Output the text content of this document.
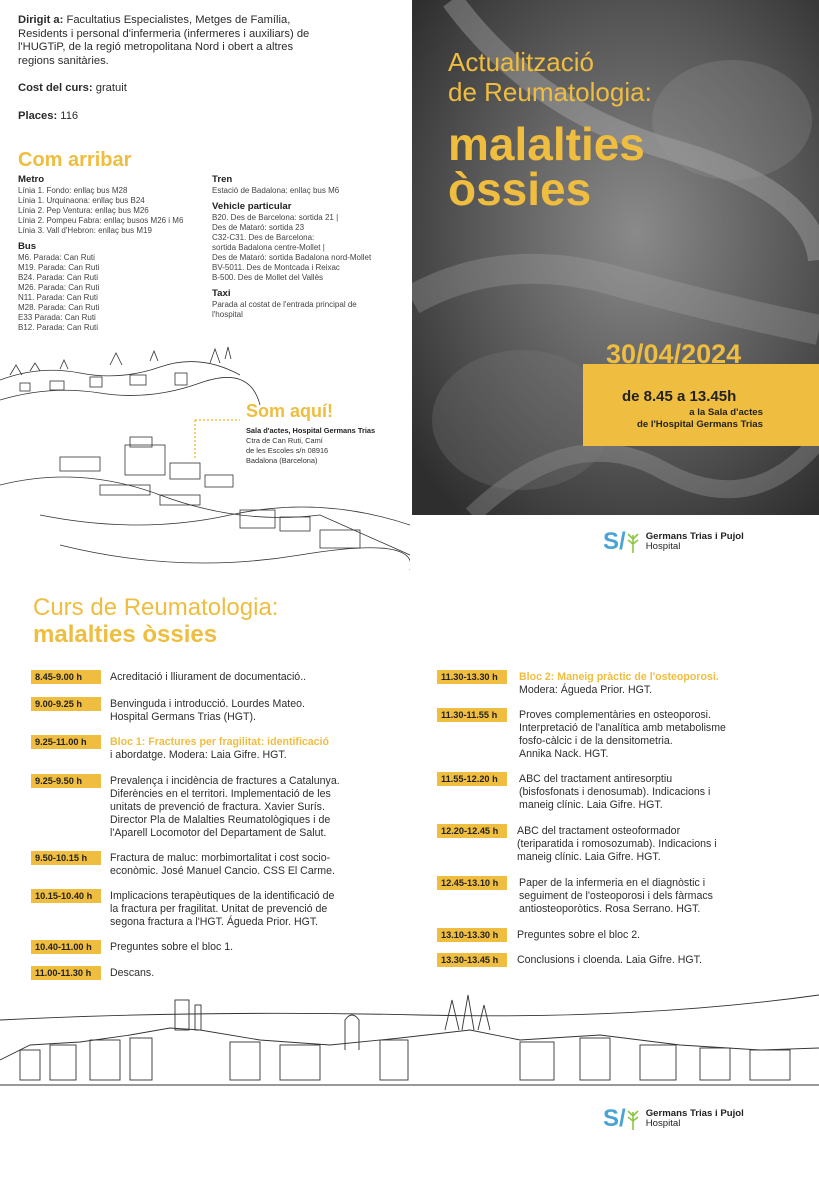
Dirigit a: Facultatius Especialistes, Metges de Família,
Residents i personal d'infermeria (infermeres i auxiliars) de
l'HUGTiP, de la regió metropolitana Nord i obert a altres
regions sanitàries.

Cost del curs: gratuit

Places: 116

Com arribar
Metro
Línia 1. Fondo: enllaç bus M28
Línia 1. Urquinaona: enllaç bus B24
Línia 2. Pep Ventura: enllaç bus M26
Línia 2. Pompeu Fabra: enllaç busos M26 i M6
Línia 3. Vall d'Hebron: enllaç bus M19
Bus
M6. Parada: Can Ruti
M19. Parada: Can Ruti
B24. Parada: Can Ruti
M26. Parada: Can Ruti
N11. Parada: Can Ruti
M28. Parada: Can Ruti
E33 Parada: Can Ruti
B12. Parada: Can Ruti
Tren
Estació de Badalona: enllaç bus M6
Vehicle particular
B20. Des de Barcelona: sortida 21 |
Des de Mataró: sortida 23
C32-C31. Des de Barcelona:
sortida Badalona centre-Mollet |
Des de Mataró: sortida Badalona nord-Mollet
BV-5011. Des de Montcada i Reixac
B-500. Des de Mollet del Vallès
Taxi
Parada al costat de l'entrada principal de
l'hospital
Som aquí!
Sala d'actes, Hospital Germans Trias
Ctra de Can Ruti, Camí
de les Escoles s/n 08916
Badalona (Barcelona)
Actualització
de Reumatologia:
malalties
òssies
30/04/2024
de 8.45 a 13.45h
a la Sala d'actes
de l'Hospital Germans Trias
S/ Germans Trias i Pujol
Hospital
Curs de Reumatologia:
malalties òssies
8.45-9.00 h	Acreditació i lliurament de documentació..
9.00-9.25 h	Benvinguda i introducció. Lourdes Mateo.
Hospital Germans Trias (HGT).
9.25-11.00 h	Bloc 1: Fractures per fragilitat: identificació
i abordatge. Modera: Laia Gifre. HGT.
9.25-9.50 h	Prevalença i incidència de fractures a Catalunya.
Diferències en el territori. Implementació de les
unitats de prevenció de fractura. Xavier Surís.
Director Pla de Malalties Reumatològiques i de
l'Aparell Locomotor del Departament de Salut.
9.50-10.15 h	Fractura de maluc: morbimortalitat i cost socio-
econòmic. José Manuel Cancio. CSS El Carme.
10.15-10.40 h	Implicacions terapèutiques de la identificació de
la fractura per fragilitat. Unitat de prevenció de
segona fractura a l'HGT. Águeda Prior. HGT.
10.40-11.00 h	Preguntes sobre el bloc 1.
11.00-11.30 h	Descans.
11.30-13.30 h	Bloc 2: Maneig pràctic de l'osteoporosi.
Modera: Águeda Prior. HGT.
11.30-11.55 h	Proves complementàries en osteoporosi.
Interpretació de l'analítica amb metabolisme
fosfo-càlcic i de la densitometria.
Annika Nack. HGT.
11.55-12.20 h	ABC del tractament antiresorptiu
(bisfosfonats i denosumab). Indicacions i
maneig clínic. Laia Gifre. HGT.
12.20-12.45 h	ABC del tractament osteoformador
(teriparatida i romosozumab). Indicacions i
maneig clínic. Laia Gifre. HGT.
12.45-13.10 h	Paper de la infermeria en el diagnòstic i
seguiment de l'osteoporosi i dels fàrmacs
antiosteoporòtics. Rosa Serrano. HGT.
13.10-13.30 h	Preguntes sobre el bloc 2.
13.30-13.45 h	Conclusions i cloenda. Laia Gifre. HGT.
S/ Germans Trias i Pujol
Hospital
